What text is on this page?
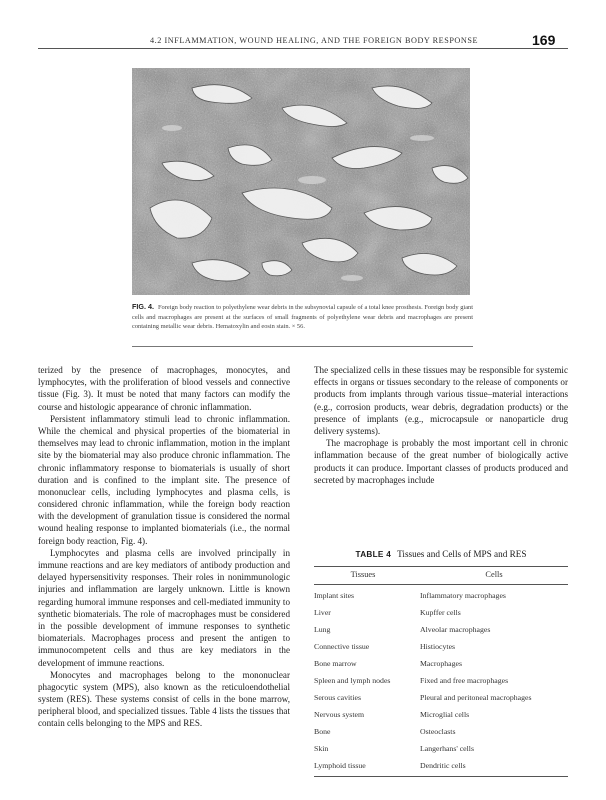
4.2 INFLAMMATION, WOUND HEALING, AND THE FOREIGN BODY RESPONSE	169
FIG. 4. Foreign body reaction to polyethylene wear debris in the subsynovial capsule of a total knee prosthesis. Foreign body giant cells and macrophages are present at the surfaces of small fragments of polyethylene wear debris and macrophages are present containing metallic wear debris. Hematoxylin and eosin stain. × 56.

terized by the presence of macrophages, monocytes, and lymphocytes, with the proliferation of blood vessels and connective tissue (Fig. 3). It must be noted that many factors can modify the course and histologic appearance of chronic inflammation.

Persistent inflammatory stimuli lead to chronic inflammation. While the chemical and physical properties of the biomaterial in themselves may lead to chronic inflammation, motion in the implant site by the biomaterial may also produce chronic inflammation. The chronic inflammatory response to biomaterials is usually of short duration and is confined to the implant site. The presence of mononuclear cells, including lymphocytes and plasma cells, is considered chronic inflammation, while the foreign body reaction with the development of granulation tissue is considered the normal wound healing response to implanted biomaterials (i.e., the normal foreign body reaction, Fig. 4).

Lymphocytes and plasma cells are involved principally in immune reactions and are key mediators of antibody production and delayed hypersensitivity responses. Their roles in nonimmunologic injuries and inflammation are largely unknown. Little is known regarding humoral immune responses and cell-mediated immunity to synthetic biomaterials. The role of macrophages must be considered in the possible development of immune responses to synthetic biomaterials. Macrophages process and present the antigen to immunocompetent cells and thus are key mediators in the development of immune reactions.

Monocytes and macrophages belong to the mononuclear phagocytic system (MPS), also known as the reticuloendothelial system (RES). These systems consist of cells in the bone marrow, peripheral blood, and specialized tissues. Table 4 lists the tissues that contain cells belonging to the MPS and RES.

The specialized cells in these tissues may be responsible for systemic effects in organs or tissues secondary to the release of components or products from implants through various tissue–material interactions (e.g., corrosion products, wear debris, degradation products) or the presence of implants (e.g., microcapsule or nanoparticle drug delivery systems).

The macrophage is probably the most important cell in chronic inflammation because of the great number of biologically active products it can produce. Important classes of products produced and secreted by macrophages include

TABLE 4 Tissues and Cells of MPS and RES
Tissues	Cells
Implant sites	Inflammatory macrophages
Liver	Kupffer cells
Lung	Alveolar macrophages
Connective tissue	Histiocytes
Bone marrow	Macrophages
Spleen and lymph nodes	Fixed and free macrophages
Serous cavities	Pleural and peritoneal macrophages
Nervous system	Microglial cells
Bone	Osteoclasts
Skin	Langerhans' cells
Lymphoid tissue	Dendritic cells
